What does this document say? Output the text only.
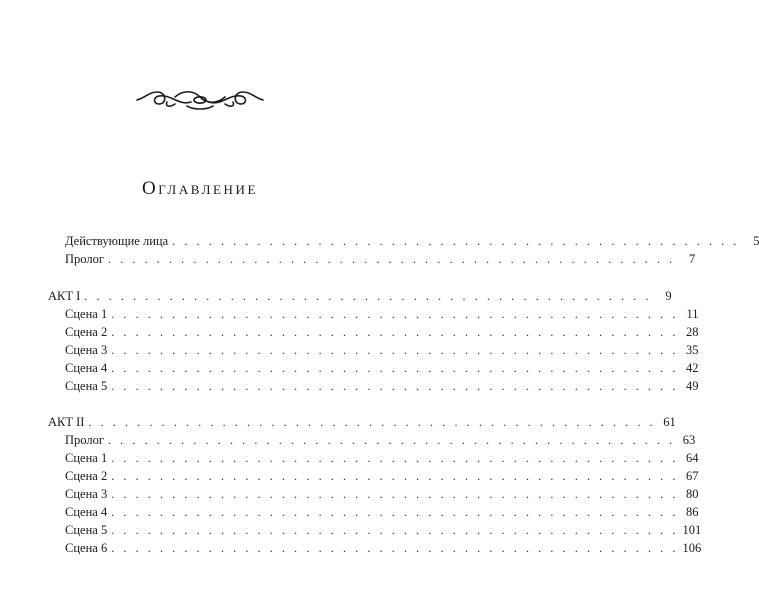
Оглавление
Действующие лица . . . . . . . . . . . . . . . . . . . . . . . . . . . . . . . . . . . . . . . . . . . . . . .	5
Пролог . . . . . . . . . . . . . . . . . . . . . . . . . . . . . . . . . . . . . . . . . . . . . . .	7
АКТ I . . . . . . . . . . . . . . . . . . . . . . . . . . . . . . . . . . . . . . . . . . . . . . .	9
Сцена 1 . . . . . . . . . . . . . . . . . . . . . . . . . . . . . . . . . . . . . . . . . . . . . . . 11
Сцена 2 . . . . . . . . . . . . . . . . . . . . . . . . . . . . . . . . . . . . . . . . . . . . . . . 28
Сцена 3 . . . . . . . . . . . . . . . . . . . . . . . . . . . . . . . . . . . . . . . . . . . . . . . 35
Сцена 4 . . . . . . . . . . . . . . . . . . . . . . . . . . . . . . . . . . . . . . . . . . . . . . . 42
Сцена 5 . . . . . . . . . . . . . . . . . . . . . . . . . . . . . . . . . . . . . . . . . . . . . . . 49
АКТ II . . . . . . . . . . . . . . . . . . . . . . . . . . . . . . . . . . . . . . . . . . . . . . . 61
Пролог . . . . . . . . . . . . . . . . . . . . . . . . . . . . . . . . . . . . . . . . . . . . . . . 63
Сцена 1 . . . . . . . . . . . . . . . . . . . . . . . . . . . . . . . . . . . . . . . . . . . . . . . 64
Сцена 2 . . . . . . . . . . . . . . . . . . . . . . . . . . . . . . . . . . . . . . . . . . . . . . . 67
Сцена 3 . . . . . . . . . . . . . . . . . . . . . . . . . . . . . . . . . . . . . . . . . . . . . . . 80
Сцена 4 . . . . . . . . . . . . . . . . . . . . . . . . . . . . . . . . . . . . . . . . . . . . . . . 86
Сцена 5 . . . . . . . . . . . . . . . . . . . . . . . . . . . . . . . . . . . . . . . . . . . . . . . 101
Сцена 6 . . . . . . . . . . . . . . . . . . . . . . . . . . . . . . . . . . . . . . . . . . . . . . . 106
